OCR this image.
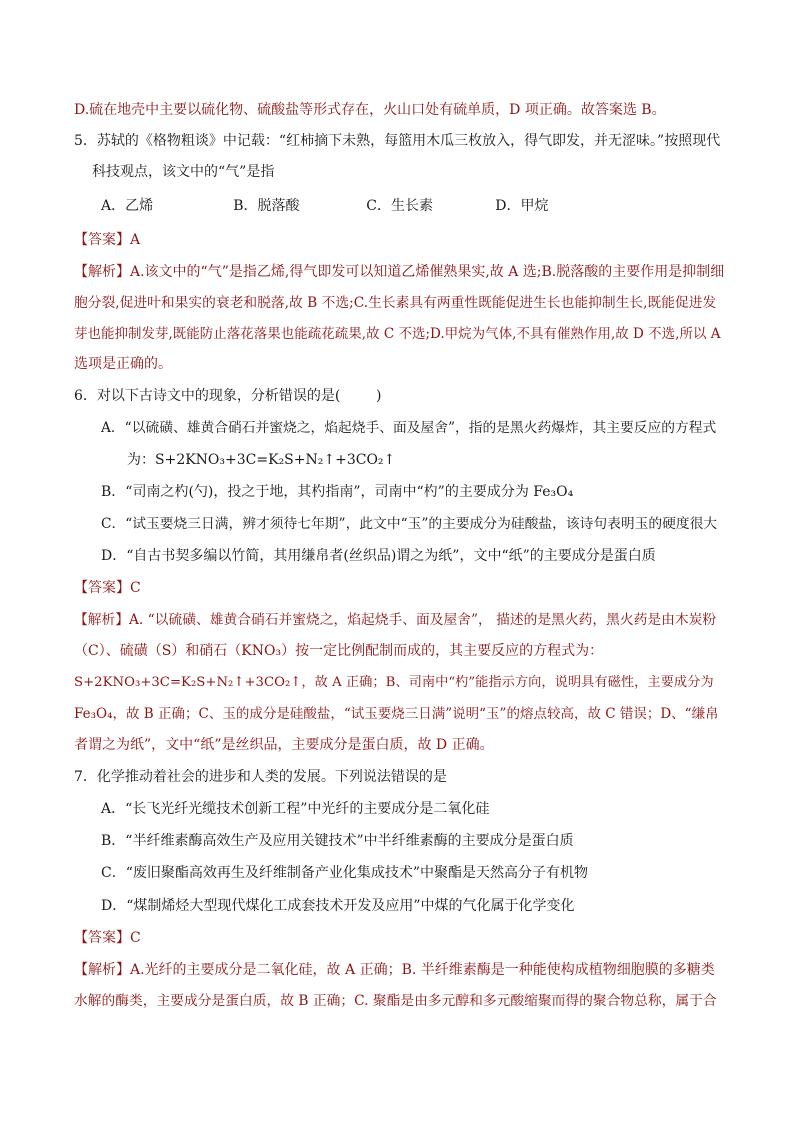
D.硫在地壳中主要以硫化物、硫酸盐等形式存在，火山口处有硫单质，D 项正确。故答案选 B。
5．苏轼的《格物粗谈》中记载：“红柿摘下未熟，每篮用木瓜三枚放入，得气即发，并无涩味。”按照现代
科技观点，该文中的“气”是指
A．乙烯                  B．脱落酸               C．生长素              D．甲烷
【答案】A
【解析】A.该文中的“气”是指乙烯,得气即发可以知道乙烯催熟果实,故 A 选;B.脱落酸的主要作用是抑制细
胞分裂,促进叶和果实的衰老和脱落,故 B 不选;C.生长素具有两重性既能促进生长也能抑制生长,既能促进发
芽也能抑制发芽,既能防止落花落果也能疏花疏果,故 C 不选;D.甲烷为气体,不具有催熟作用,故 D 不选,所以 A
选项是正确的。
6．对以下古诗文中的现象，分析错误的是(        )
A．“以硫磺、雄黄合硝石并蜜烧之，焰起烧手、面及屋舍”，指的是黑火药爆炸，其主要反应的方程式
为：S+2KNO₃+3C=K₂S+N₂↑+3CO₂↑
B．“司南之杓(勺)，投之于地，其杓指南”，司南中“杓”的主要成分为 Fe₃O₄
C．“试玉要烧三日满，辨才须待七年期”，此文中“玉”的主要成分为硅酸盐，该诗句表明玉的硬度很大
D．“自古书契多编以竹简，其用缣帛者(丝织品)谓之为纸”，文中“纸”的主要成分是蛋白质
【答案】C
【解析】A. “以硫磺、雄黄合硝石并蜜烧之，焰起烧手、面及屋舍”， 描述的是黑火药，黑火药是由木炭粉
（C）、硫磺（S）和硝石（KNO₃）按一定比例配制而成的，其主要反应的方程式为：
S+2KNO₃+3C=K₂S+N₂↑+3CO₂↑，故 A 正确；B、司南中“杓”能指示方向，说明具有磁性，主要成分为
Fe₃O₄，故 B 正确；C、玉的成分是硅酸盐，“试玉要烧三日满”说明“玉”的熔点较高，故 C 错误；D、“缣帛
者谓之为纸”，文中“纸”是丝织品，主要成分是蛋白质，故 D 正确。
7．化学推动着社会的进步和人类的发展。下列说法错误的是
A．“长飞光纤光缆技术创新工程”中光纤的主要成分是二氧化硅
B．“半纤维素酶高效生产及应用关键技术”中半纤维素酶的主要成分是蛋白质
C．“废旧聚酯高效再生及纤维制备产业化集成技术”中聚酯是天然高分子有机物
D．“煤制烯烃大型现代煤化工成套技术开发及应用”中煤的气化属于化学变化
【答案】C
【解析】A.光纤的主要成分是二氧化硅，故 A 正确；B. 半纤维素酶是一种能使构成植物细胞膜的多糖类
水解的酶类，主要成分是蛋白质，故 B 正确；C. 聚酯是由多元醇和多元酸缩聚而得的聚合物总称，属于合
